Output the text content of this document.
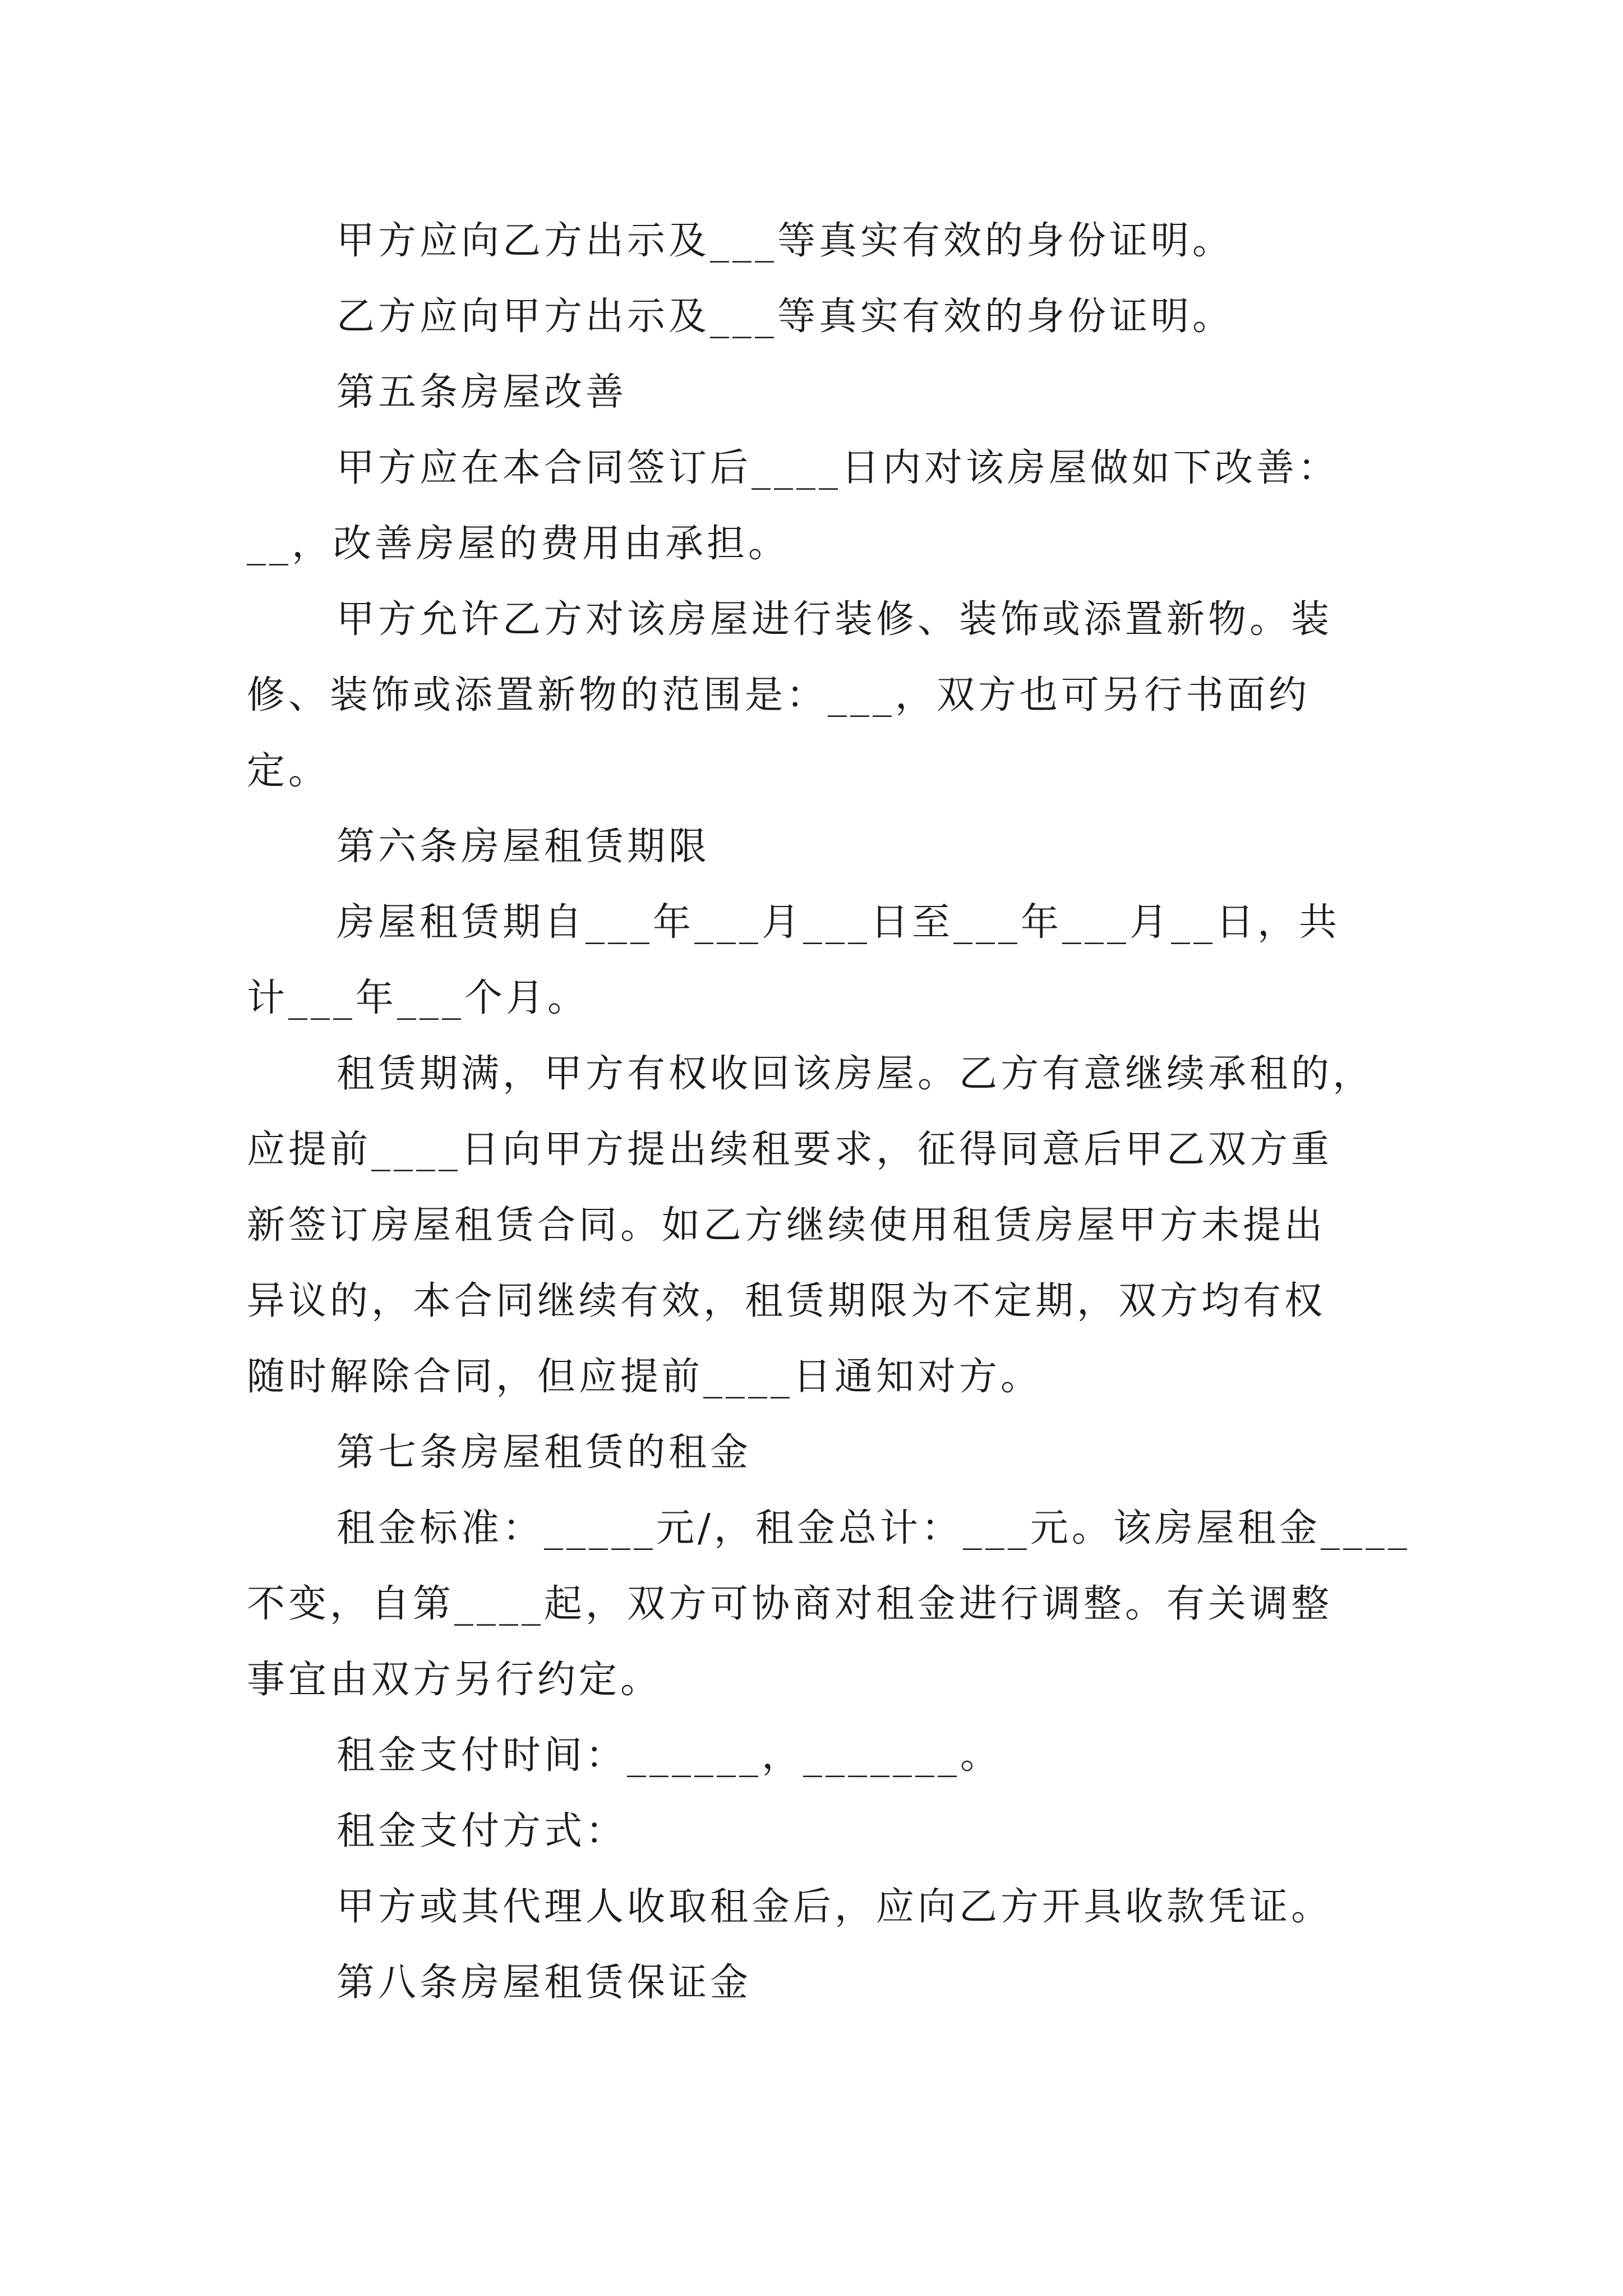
甲方应向乙方出示及___等真实有效的身份证明。
乙方应向甲方出示及___等真实有效的身份证明。
第五条房屋改善
甲方应在本合同签订后____日内对该房屋做如下改善：
__，改善房屋的费用由承担。
甲方允许乙方对该房屋进行装修、装饰或添置新物。装
修、装饰或添置新物的范围是：___，双方也可另行书面约
定。
第六条房屋租赁期限
房屋租赁期自___年___月___日至___年___月__日，共
计___年___个月。
租赁期满，甲方有权收回该房屋。乙方有意继续承租的，
应提前____日向甲方提出续租要求，征得同意后甲乙双方重
新签订房屋租赁合同。如乙方继续使用租赁房屋甲方未提出
异议的，本合同继续有效，租赁期限为不定期，双方均有权
随时解除合同，但应提前____日通知对方。
第七条房屋租赁的租金
租金标准：_____元/，租金总计：___元。该房屋租金____
不变，自第____起，双方可协商对租金进行调整。有关调整
事宜由双方另行约定。
租金支付时间：______，_______。
租金支付方式：
甲方或其代理人收取租金后，应向乙方开具收款凭证。
第八条房屋租赁保证金
